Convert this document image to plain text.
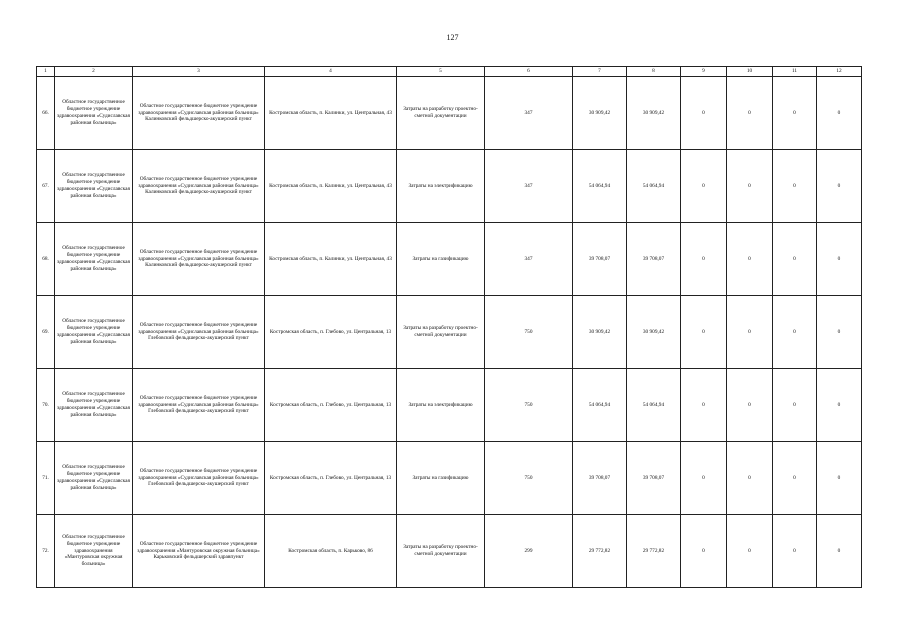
127
1	2	3	4	5	6	7	8	9	10	11	12
66.	Областное государственное бюджетное учреждение здравоохранения «Судиславская районная больница»	Областное государственное бюджетное учреждение здравоохранения «Судиславская районная больница» Калинковский фельдшерско-акушерский пункт	Костромская область, п. Калинки, ул. Центральная, 43	Затраты на разработку проектно-сметной документации	347	30 909,42	30 909,42	0	0	0	0
67.	Областное государственное бюджетное учреждение здравоохранения «Судиславская районная больница»	Областное государственное бюджетное учреждение здравоохранения «Судиславская районная больница» Калинковский фельдшерско-акушерский пункт	Костромская область, п. Калинки, ул. Центральная, 43	Затраты на электрификацию	347	54 064,94	54 064,94	0	0	0	0
68.	Областное государственное бюджетное учреждение здравоохранения «Судиславская районная больница»	Областное государственное бюджетное учреждение здравоохранения «Судиславская районная больница» Калинковский фельдшерско-акушерский пункт	Костромская область, п. Калинки, ул. Центральная, 43	Затраты на газификацию	347	39 708,07	39 708,07	0	0	0	0
69.	Областное государственное бюджетное учреждение здравоохранения «Судиславская районная больница»	Областное государственное бюджетное учреждение здравоохранения «Судиславская районная больница» Глебовский фельдшерско-акушерский пункт	Костромская область, п. Глебово, ул. Центральная, 13	Затраты на разработку проектно-сметной документации	750	30 909,42	30 909,42	0	0	0	0
70.	Областное государственное бюджетное учреждение здравоохранения «Судиславская районная больница»	Областное государственное бюджетное учреждение здравоохранения «Судиславская районная больница» Глебовский фельдшерско-акушерский пункт	Костромская область, п. Глебово, ул. Центральная, 13	Затраты на электрификацию	750	54 064,94	54 064,94	0	0	0	0
71.	Областное государственное бюджетное учреждение здравоохранения «Судиславская районная больница»	Областное государственное бюджетное учреждение здравоохранения «Судиславская районная больница» Глебовский фельдшерско-акушерский пункт	Костромская область, п. Глебово, ул. Центральная, 13	Затраты на газификацию	750	39 708,07	39 708,07	0	0	0	0
72.	Областное государственное бюджетное учреждение здравоохранения «Мантуровская окружная больница»	Областное государственное бюджетное учреждение здравоохранения «Мантуровская окружная больница» Карьковский фельдшерский здравпункт	Костромская область, п. Карьково, 86	Затраты на разработку проектно-сметной документации	299	29 772,82	29 772,82	0	0	0	0
